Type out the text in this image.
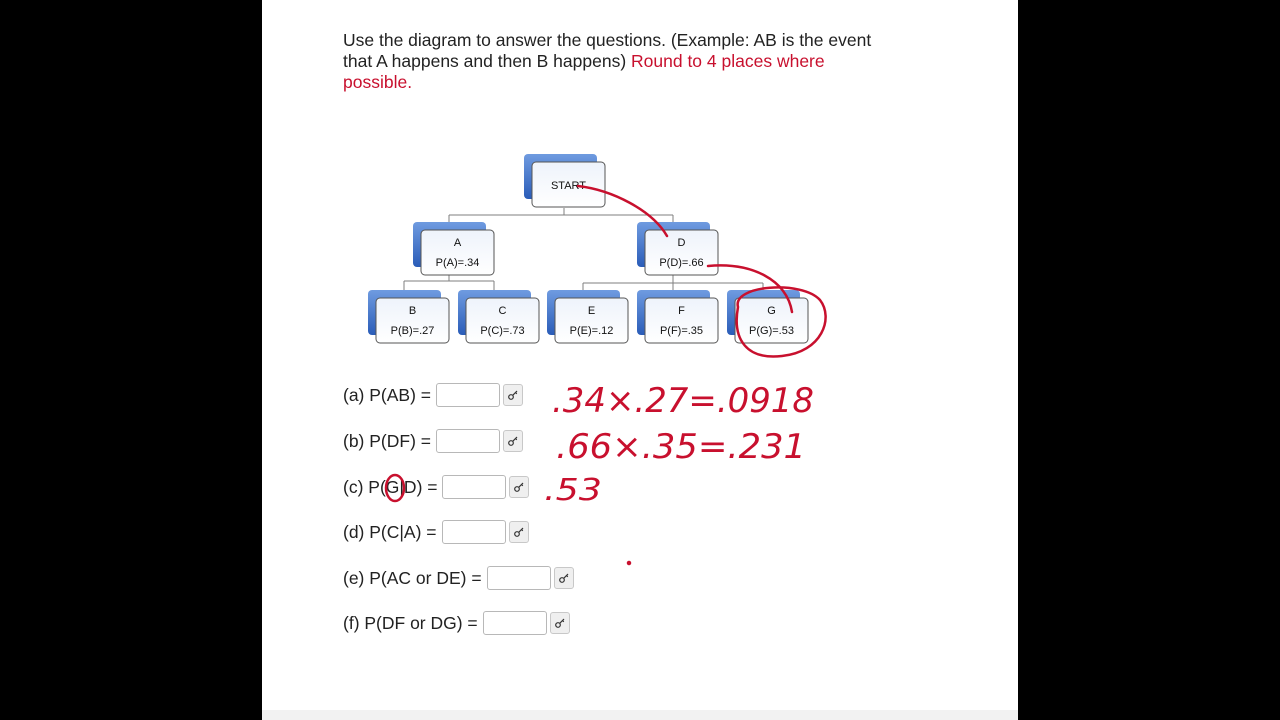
Use the diagram to answer the questions. (Example: AB is the event that A happens and then B happens) Round to 4 places where possible.
START
A
P(A)=.34
D
P(D)=.66
B
P(B)=.27
C
P(C)=.73
E
P(E)=.12
F
P(F)=.35
G
P(G)=.53
(a) P(AB) =
(b) P(DF) =
(c) P(G|D) =
(d) P(C|A) =
(e) P(AC or DE) =
(f) P(DF or DG) =
.34×.27=.0918
.66×.35=.231
.53
